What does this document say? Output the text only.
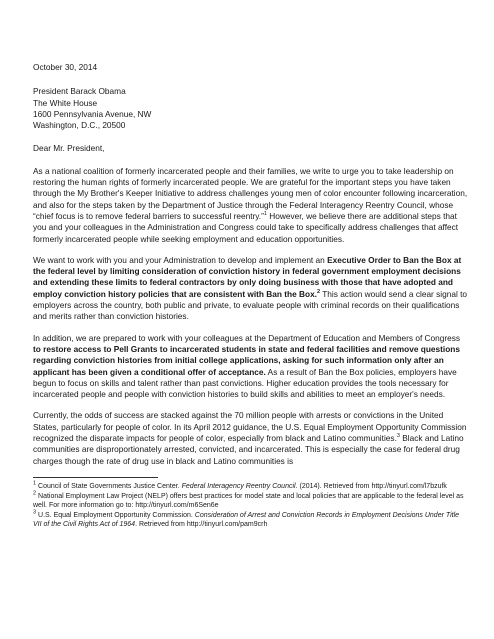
October 30, 2014

President Barack Obama
The White House
1600 Pennsylvania Avenue, NW
Washington, D.C., 20500

Dear Mr. President,

As a national coalition of formerly incarcerated people and their families, we write to urge you to take leadership on restoring the human rights of formerly incarcerated people. We are grateful for the important steps you have taken through the My Brother's Keeper Initiative to address challenges young men of color encounter following incarceration, and also for the steps taken by the Department of Justice through the Federal Interagency Reentry Council, whose “chief focus is to remove federal barriers to successful reentry.”$^1$ However, we believe there are additional steps that you and your colleagues in the Administration and Congress could take to specifically address challenges that affect formerly incarcerated people while seeking employment and education opportunities.

We want to work with you and your Administration to develop and implement an Executive Order to Ban the Box at the federal level by limiting consideration of conviction history in federal government employment decisions and extending these limits to federal contractors by only doing business with those that have adopted and employ conviction history policies that are consistent with Ban the Box.$^2$ This action would send a clear signal to employers across the country, both public and private, to evaluate people with criminal records on their qualifications and merits rather than conviction histories.

In addition, we are prepared to work with your colleagues at the Department of Education and Members of Congress to restore access to Pell Grants to incarcerated students in state and federal facilities and remove questions regarding conviction histories from initial college applications, asking for such information only after an applicant has been given a conditional offer of acceptance. As a result of Ban the Box policies, employers have begun to focus on skills and talent rather than past convictions. Higher education provides the tools necessary for incarcerated people and people with conviction histories to build skills and abilities to meet an employer's needs.

Currently, the odds of success are stacked against the 70 million people with arrests or convictions in the United States, particularly for people of color. In its April 2012 guidance, the U.S. Equal Employment Opportunity Commission recognized the disparate impacts for people of color, especially from black and Latino communities.$^3$ Black and Latino communities are disproportionately arrested, convicted, and incarcerated. This is especially the case for federal drug charges though the rate of drug use in black and Latino communities is

$^1$ Council of State Governments Justice Center. Federal Interagency Reentry Council. (2014). Retrieved from http://tinyurl.com/l7bzufk

$^2$ National Employment Law Project (NELP) offers best practices for model state and local policies that are applicable to the federal level as well. For more information go to: http://tinyurl.com/m6Sen6e

$^3$ U.S. Equal Employment Opportunity Commission. Consideration of Arrest and Conviction Records in Employment Decisions Under Title VII of the Civil Rights Act of 1964. Retrieved from http://tinyurl.com/pam9crh
